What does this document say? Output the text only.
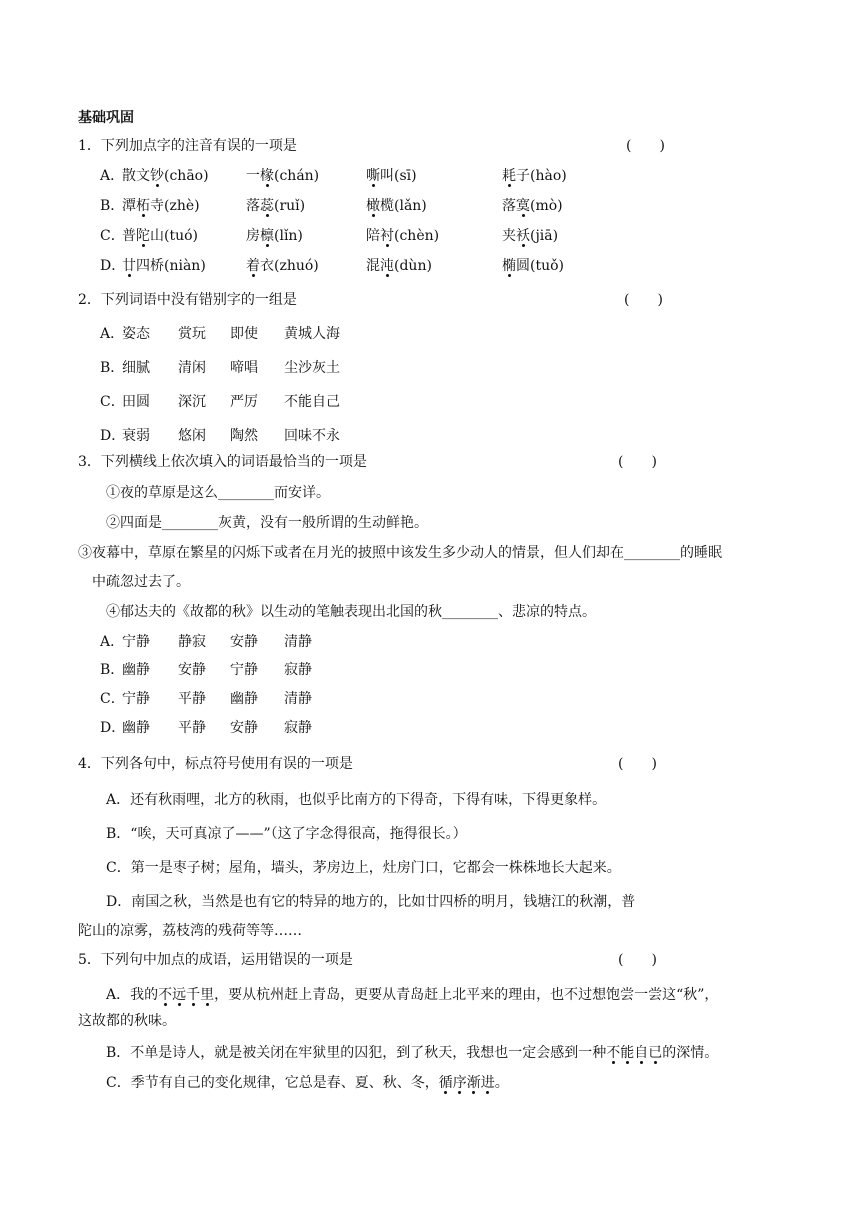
基础巩固
1．下列加点字的注音有误的一项是	(　　)
A．
散文钞(chāo)	一椽(chán)	嘶叫(sī)	耗子(hào)
B．
潭柘寺(zhè)	落蕊(ruǐ)	橄榄(lǎn)	落寞(mò)
C．
普陀山(tuó)	房檩(lǐn)	陪衬(chèn)	夹袄(jiā)
D．
廿四桥(niàn)	着衣(zhuó)	混沌(dùn)	椭圆(tuǒ)
2．下列词语中没有错别字的一组是	(　　)
A．
姿态 赏玩 即使 黄城人海
B．
细腻 清闲 啼唱 尘沙灰土
C．
田圆 深沉 严厉 不能自己
D．
衰弱 悠闲 陶然 回味不永
3．下列横线上依次填入的词语最恰当的一项是	(　　)
①夜的草原是这么________而安详。
②四面是________灰黄，没有一般所谓的生动鲜艳。
③夜幕中，草原在繁星的闪烁下或者在月光的披照中该发生多少动人的情景，但人们却在________的睡眠
中疏忽过去了。
④郁达夫的《故都的秋》以生动的笔触表现出北国的秋________、悲凉的特点。
A．
宁静 静寂 安静 清静
B．
幽静 安静 宁静 寂静
C．
宁静 平静 幽静 清静
D．
幽静 平静 安静 寂静
4．下列各句中，标点符号使用有误的一项是	(　　)
A．还有秋雨哩，北方的秋雨，也似乎比南方的下得奇，下得有味，下得更象样。
B．“唉，天可真凉了——”（这了字念得很高，拖得很长。）
C．第一是枣子树；屋角，墙头，茅房边上，灶房门口，它都会一株株地长大起来。
D．南国之秋，当然是也有它的特异的地方的，比如廿四桥的明月，钱塘江的秋潮，普
陀山的凉雾，荔枝湾的残荷等等……
5．下列句中加点的成语，运用错误的一项是	(　　)
A．我的不远千里，要从杭州赶上青岛，更要从青岛赶上北平来的理由，也不过想饱尝一尝这“秋”，
这故都的秋味。
B．不单是诗人，就是被关闭在牢狱里的囚犯，到了秋天，我想也一定会感到一种不能自已的深情。
C．季节有自己的变化规律，它总是春、夏、秋、冬，循序渐进。
